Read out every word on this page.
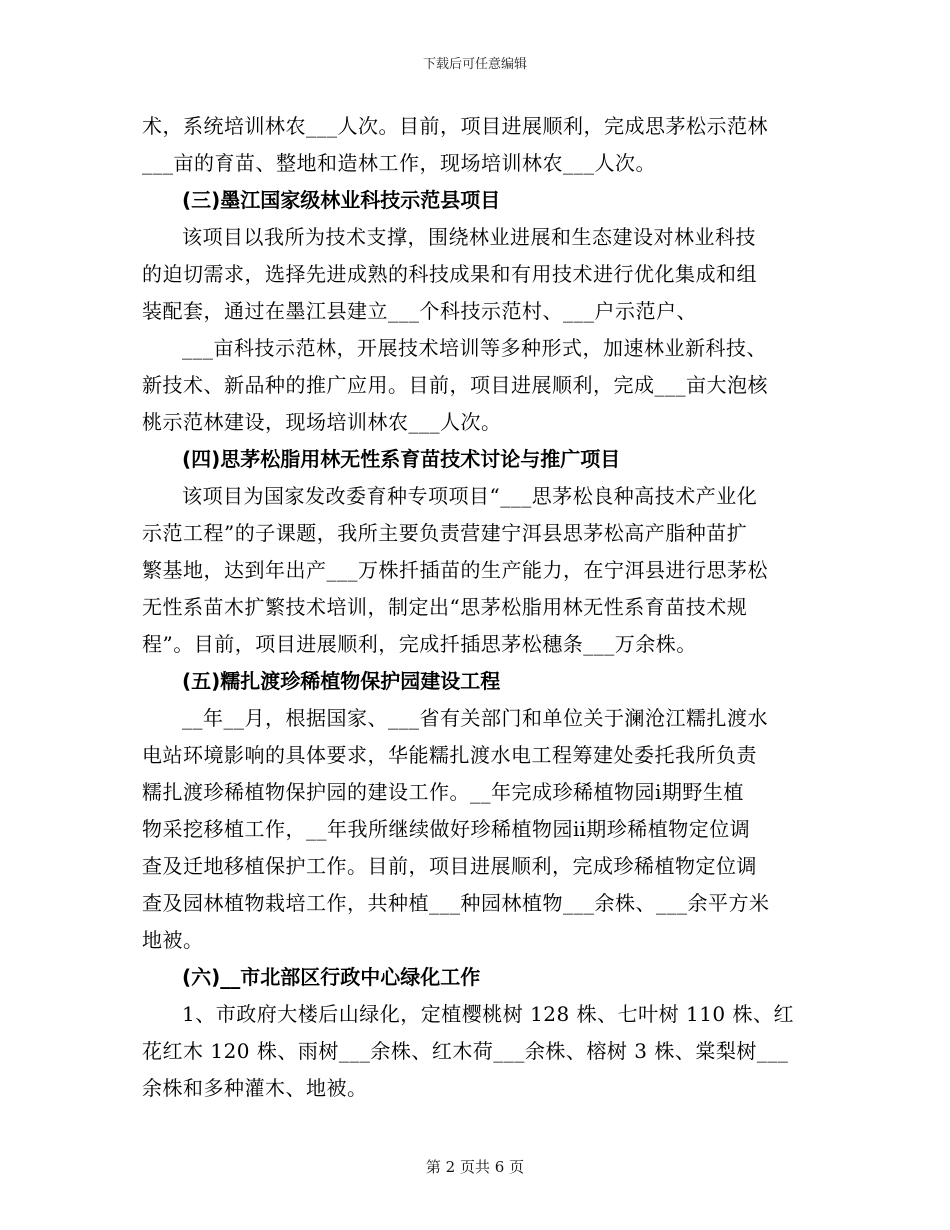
下载后可任意编辑

术，系统培训林农___人次。目前，项目进展顺利，完成思茅松示范林
___亩的育苗、整地和造林工作，现场培训林农___人次。

(三)墨江国家级林业科技示范县项目

该项目以我所为技术支撑，围绕林业进展和生态建设对林业科技
的迫切需求，选择先进成熟的科技成果和有用技术进行优化集成和组
装配套，通过在墨江县建立___个科技示范村、___户示范户、
___亩科技示范林，开展技术培训等多种形式，加速林业新科技、
新技术、新品种的推广应用。目前，项目进展顺利，完成___亩大泡核
桃示范林建设，现场培训林农___人次。

(四)思茅松脂用林无性系育苗技术讨论与推广项目

该项目为国家发改委育种专项项目“___思茅松良种高技术产业化
示范工程”的子课题，我所主要负责营建宁洱县思茅松高产脂种苗扩
繁基地，达到年出产___万株扦插苗的生产能力，在宁洱县进行思茅松
无性系苗木扩繁技术培训，制定出“思茅松脂用林无性系育苗技术规
程”。目前，项目进展顺利，完成扦插思茅松穗条___万余株。

(五)糯扎渡珍稀植物保护园建设工程

__年__月，根据国家、___省有关部门和单位关于澜沧江糯扎渡水
电站环境影响的具体要求，华能糯扎渡水电工程筹建处委托我所负责
糯扎渡珍稀植物保护园的建设工作。__年完成珍稀植物园ⅰ期野生植
物采挖移植工作，__年我所继续做好珍稀植物园ⅱ期珍稀植物定位调
查及迁地移植保护工作。目前，项目进展顺利，完成珍稀植物定位调
查及园林植物栽培工作，共种植___种园林植物___余株、___余平方米
地被。

(六)__市北部区行政中心绿化工作

1、市政府大楼后山绿化，定植樱桃树 128 株、七叶树 110 株、红
花红木 120 株、雨树___余株、红木荷___余株、榕树 3 株、棠梨树___
余株和多种灌木、地被。

第 2 页共 6 页
